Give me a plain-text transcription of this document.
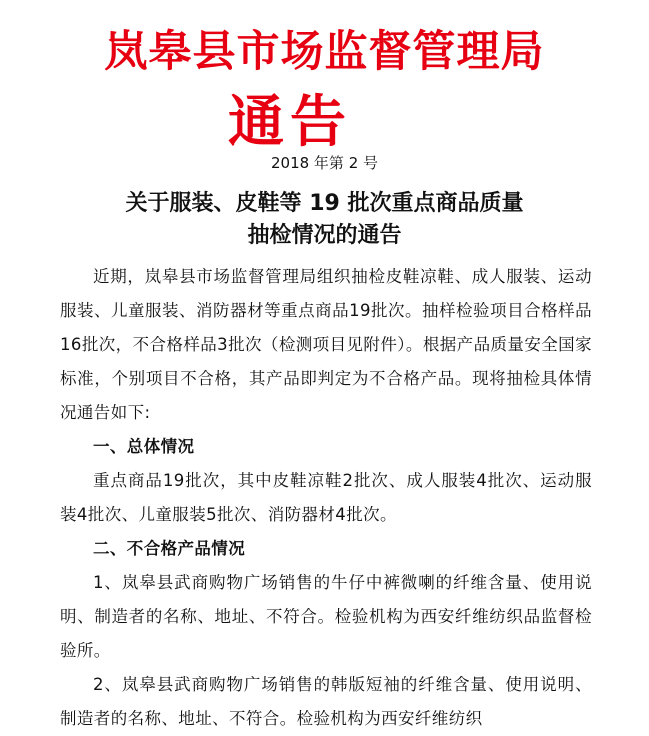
岚皋县市场监督管理局
通告
2018 年第 2 号
关于服装、皮鞋等 19 批次重点商品质量
抽检情况的通告

近期，岚皋县市场监督管理局组织抽检皮鞋凉鞋、成人服装、运动服装、儿童服装、消防器材等重点商品19批次。抽样检验项目合格样品16批次，不合格样品3批次（检测项目见附件）。根据产品质量安全国家标准，个别项目不合格，其产品即判定为不合格产品。现将抽检具体情况通告如下:

一、总体情况

重点商品19批次，其中皮鞋凉鞋2批次、成人服装4批次、运动服装4批次、儿童服装5批次、消防器材4批次。

二、不合格产品情况

1、岚皋县武商购物广场销售的牛仔中裤微喇的纤维含量、使用说明、制造者的名称、地址、不符合。检验机构为西安纤维纺织品监督检验所。

2、岚皋县武商购物广场销售的韩版短袖的纤维含量、使用说明、制造者的名称、地址、不符合。检验机构为西安纤维纺织
